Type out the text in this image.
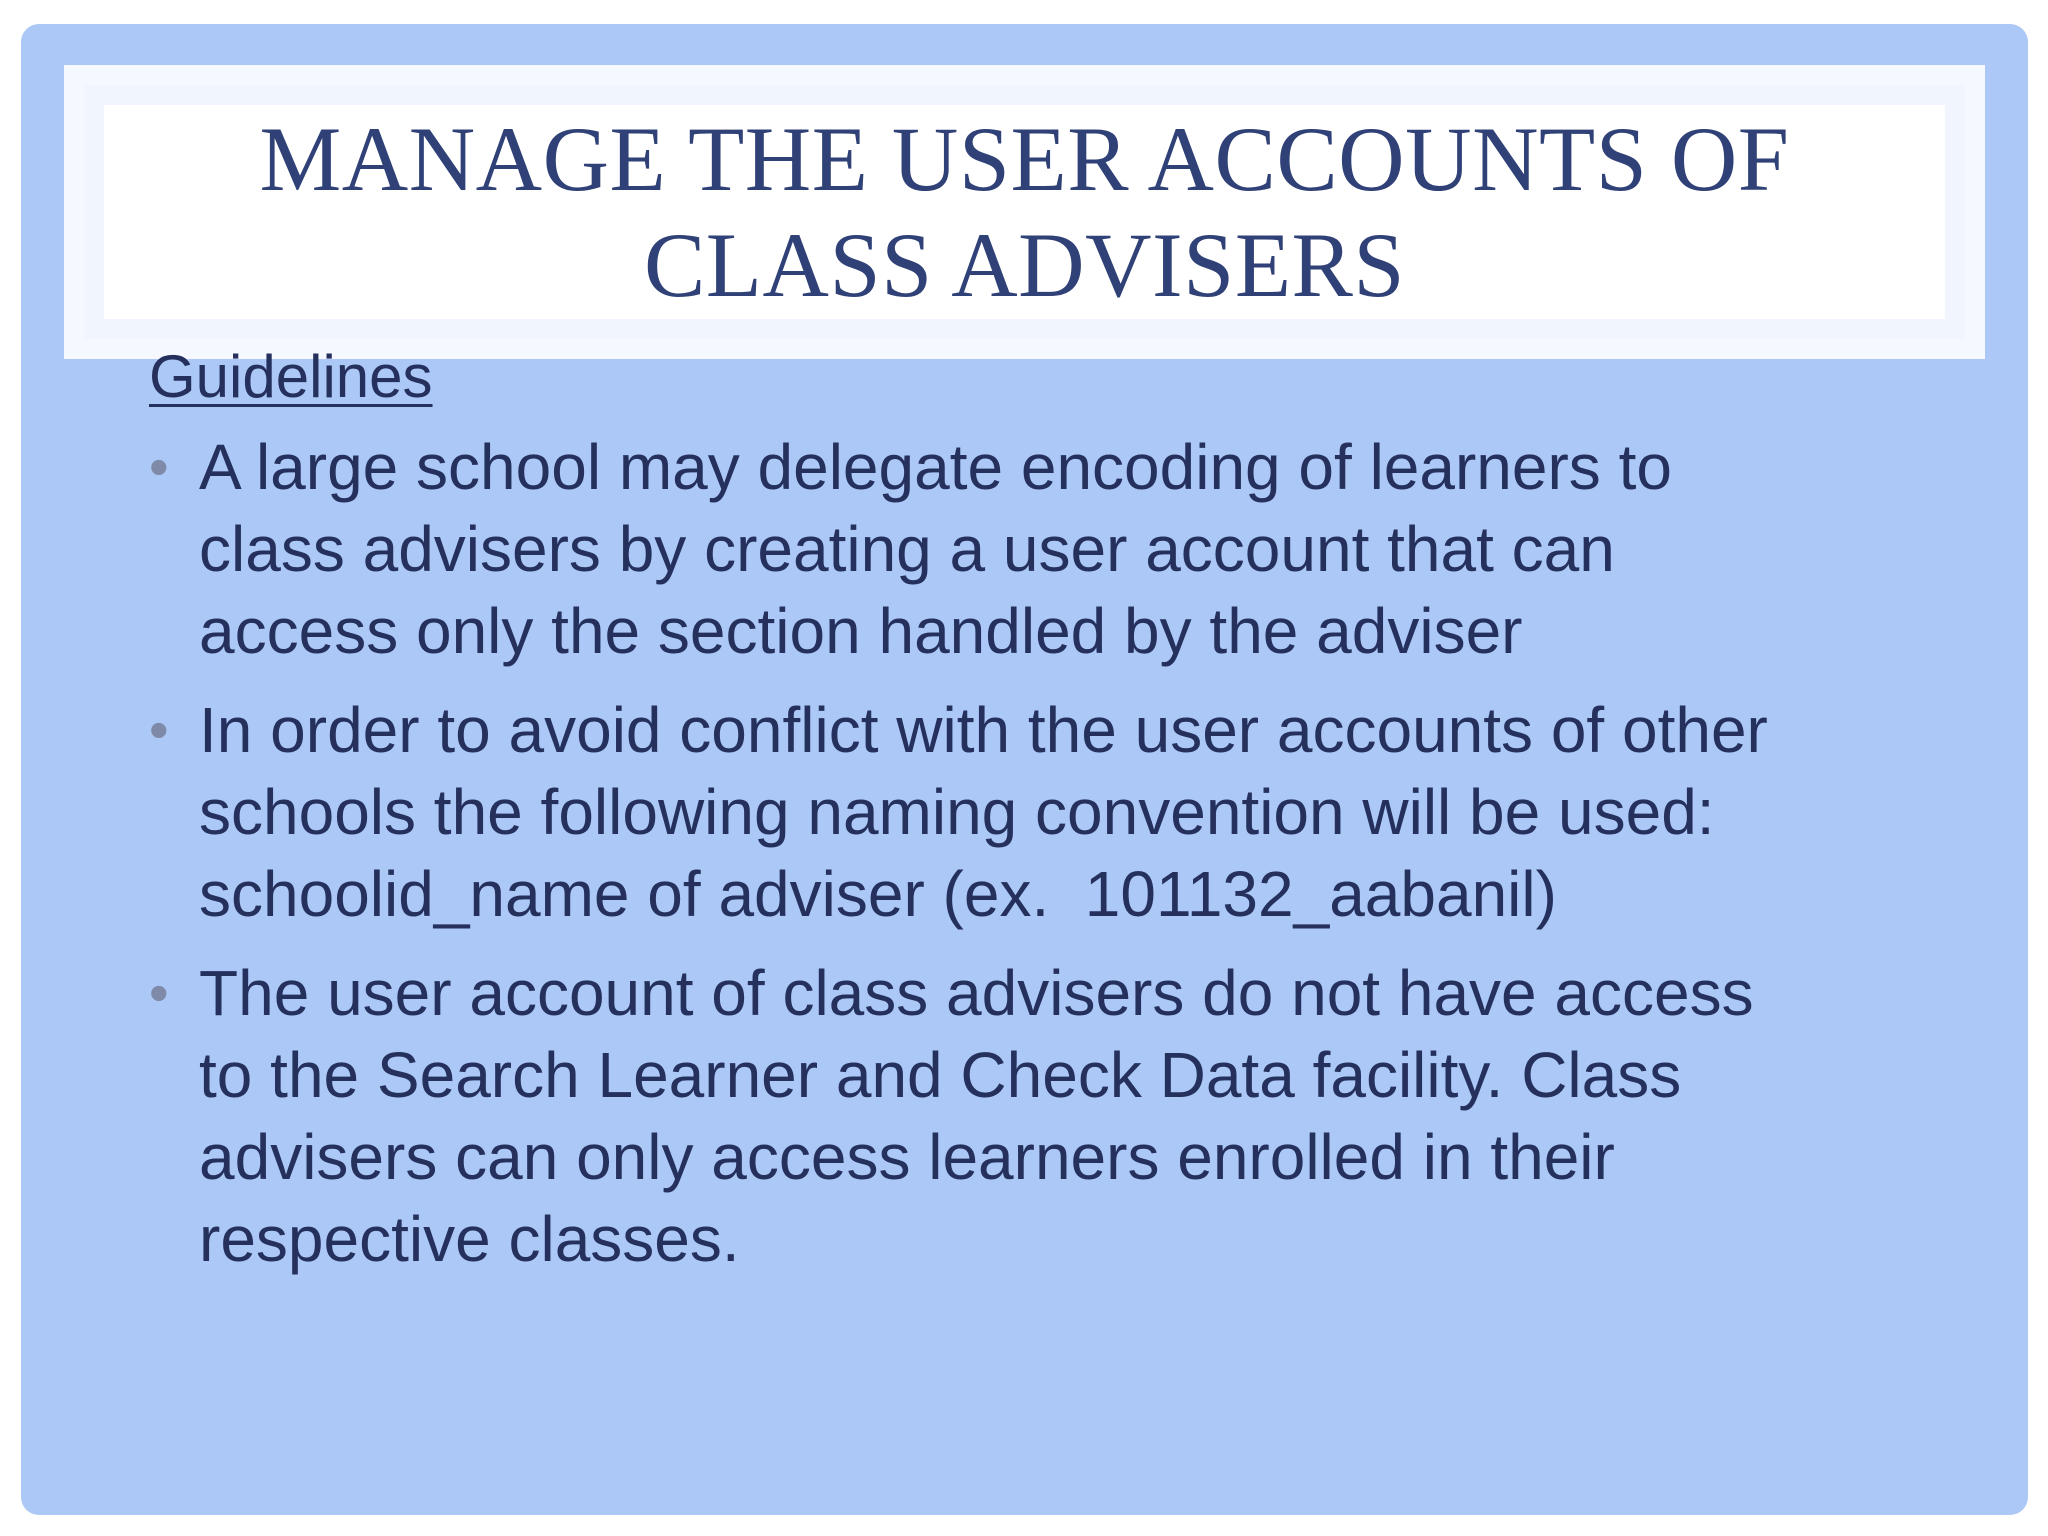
MANAGE THE USER ACCOUNTS OF
CLASS ADVISERS
Guidelines
• A large school may delegate encoding of learners to
class advisers by creating a user account that can
access only the section handled by the adviser
• In order to avoid conflict with the user accounts of other
schools the following naming convention will be used:
schoolid_name of adviser (ex.  101132_aabanil)
• The user account of class advisers do not have access
to the Search Learner and Check Data facility. Class
advisers can only access learners enrolled in their
respective classes.
